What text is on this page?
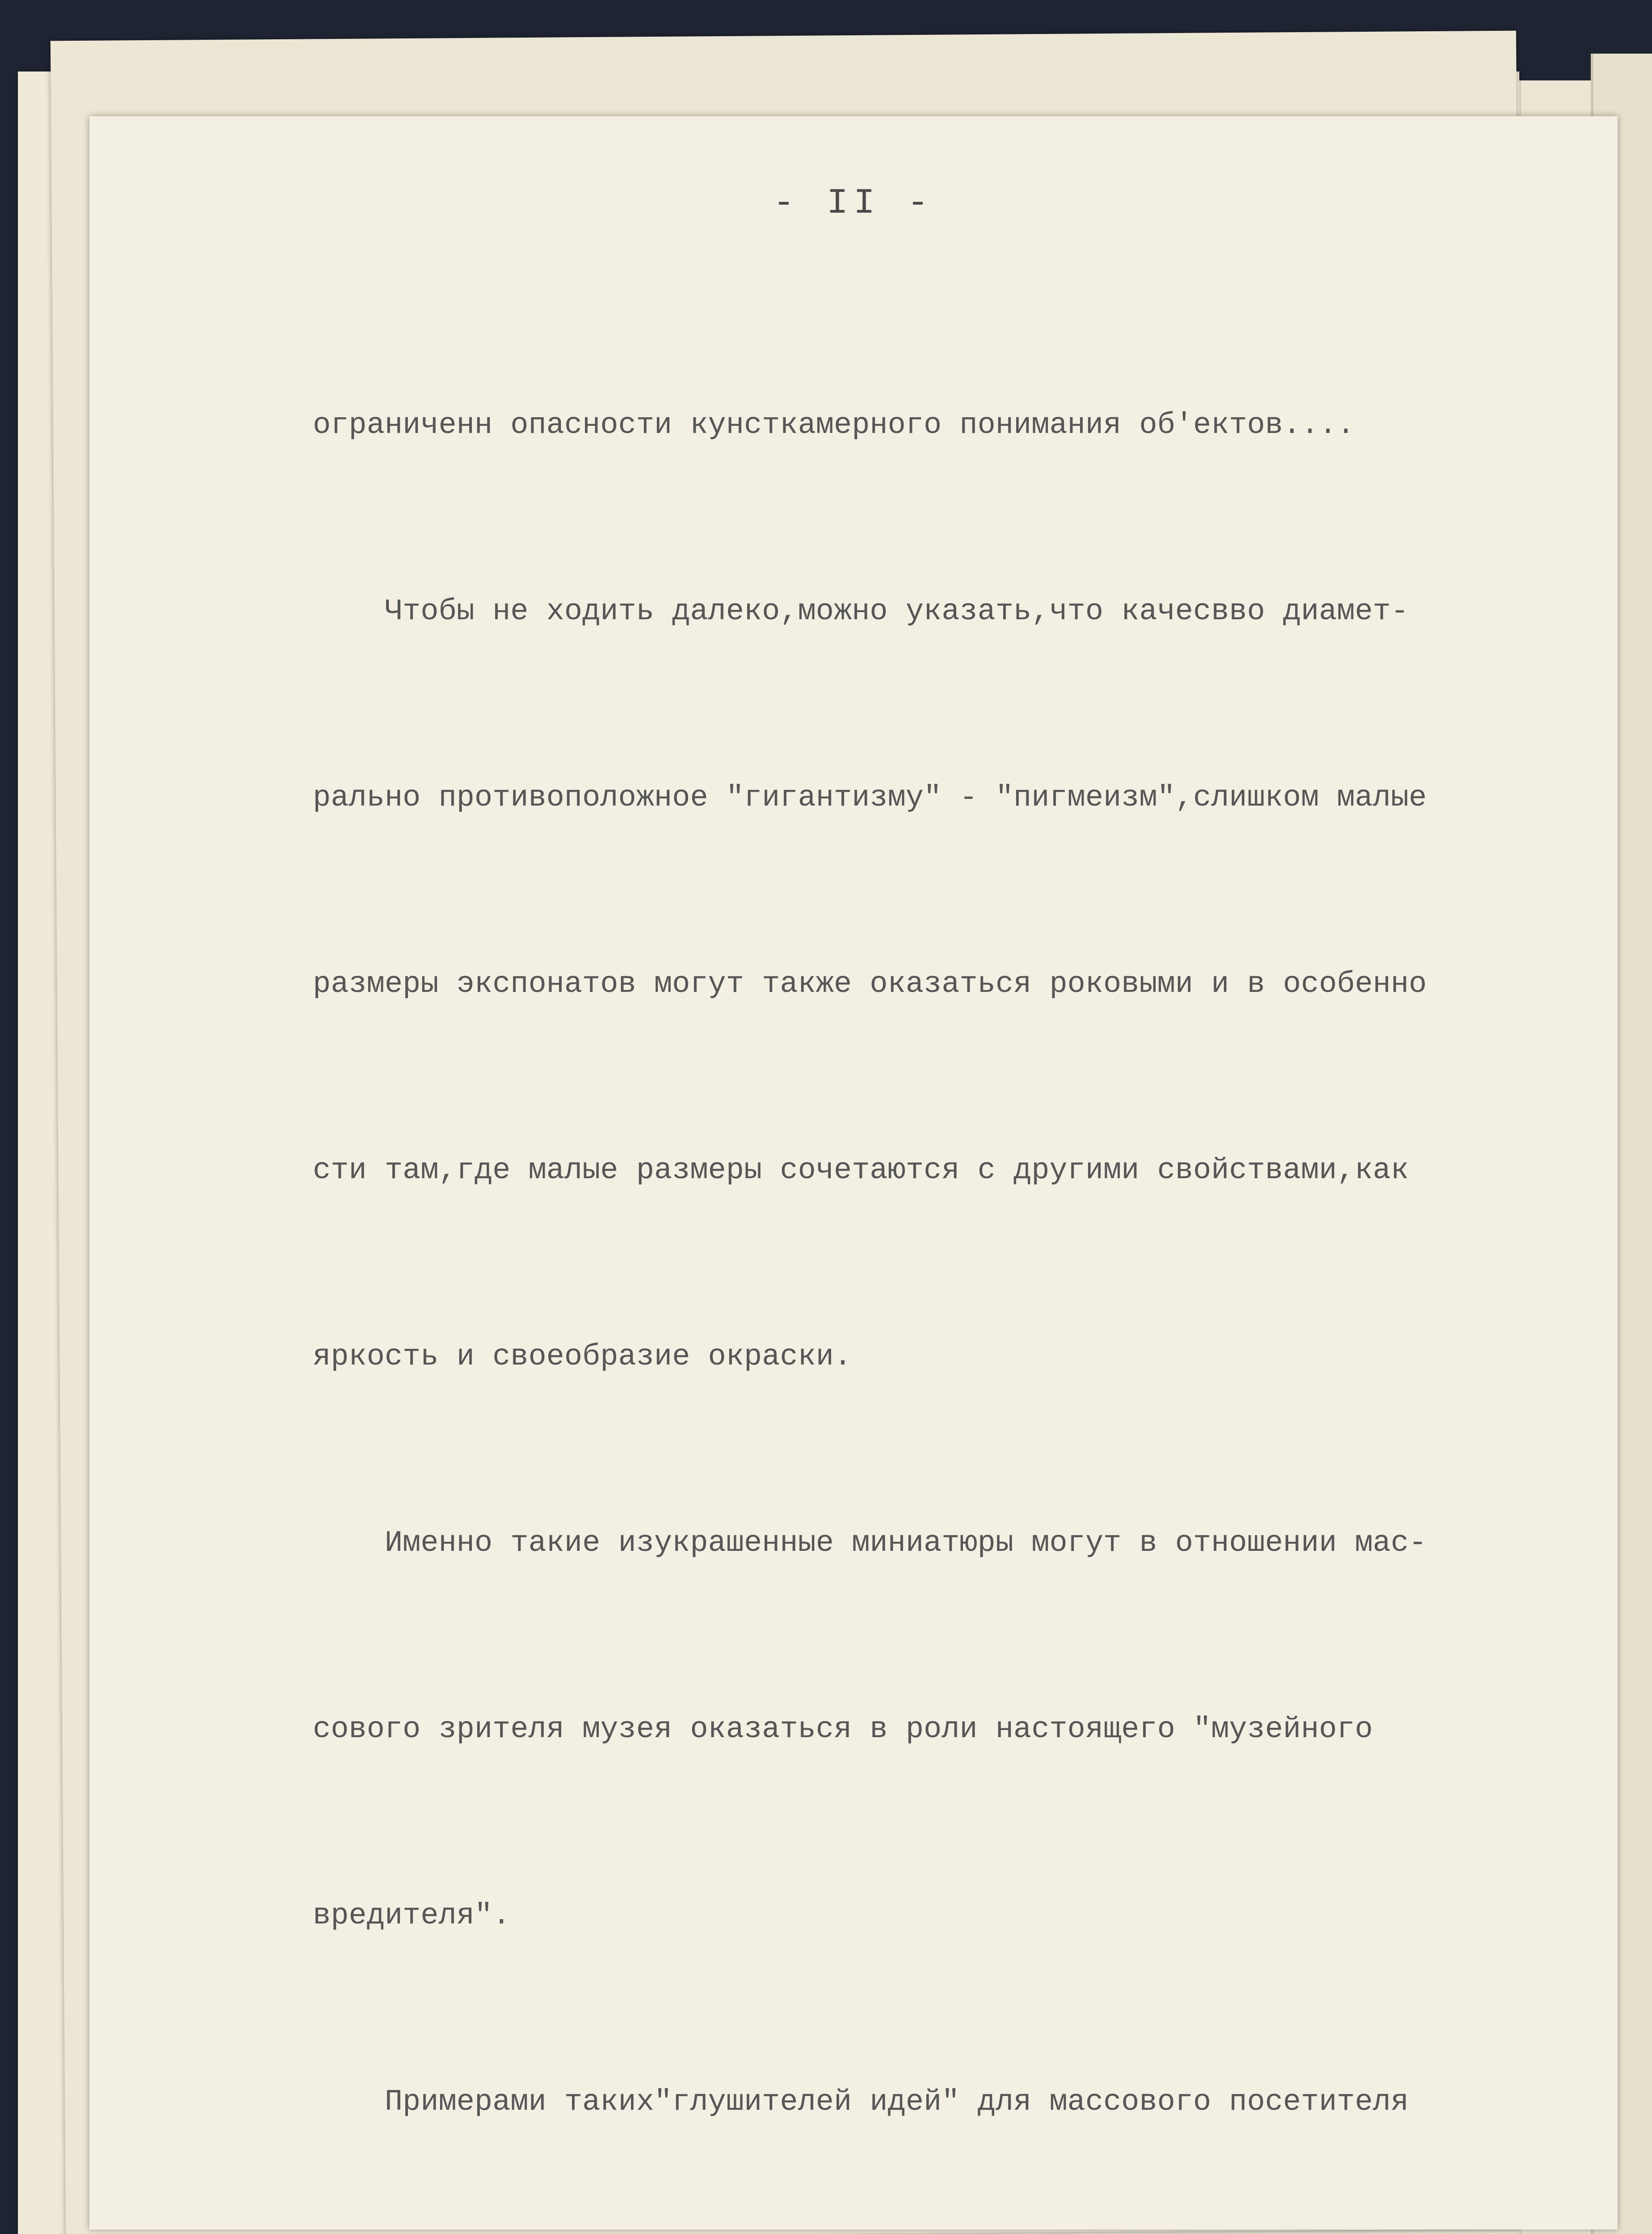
- II -

ограниченн опасности кунсткамерного понимания об'ектов....

Чтобы не ходить далеко,можно указать,что качесвво диамет-

рально противоположное "гигантизму" - "пигмеизм",слишком малые

размеры экспонатов могут также оказаться роковыми и в особенно

сти там,где малые размеры сочетаются с другими свойствами,как

яркость и своеобразие окраски.

Именно такие изукрашенные миниатюры могут в отношении мас-

сового зрителя музея оказаться в роли настоящего "музейного

вредителя".

Примерами таких"глушителей идей" для массового посетителя
